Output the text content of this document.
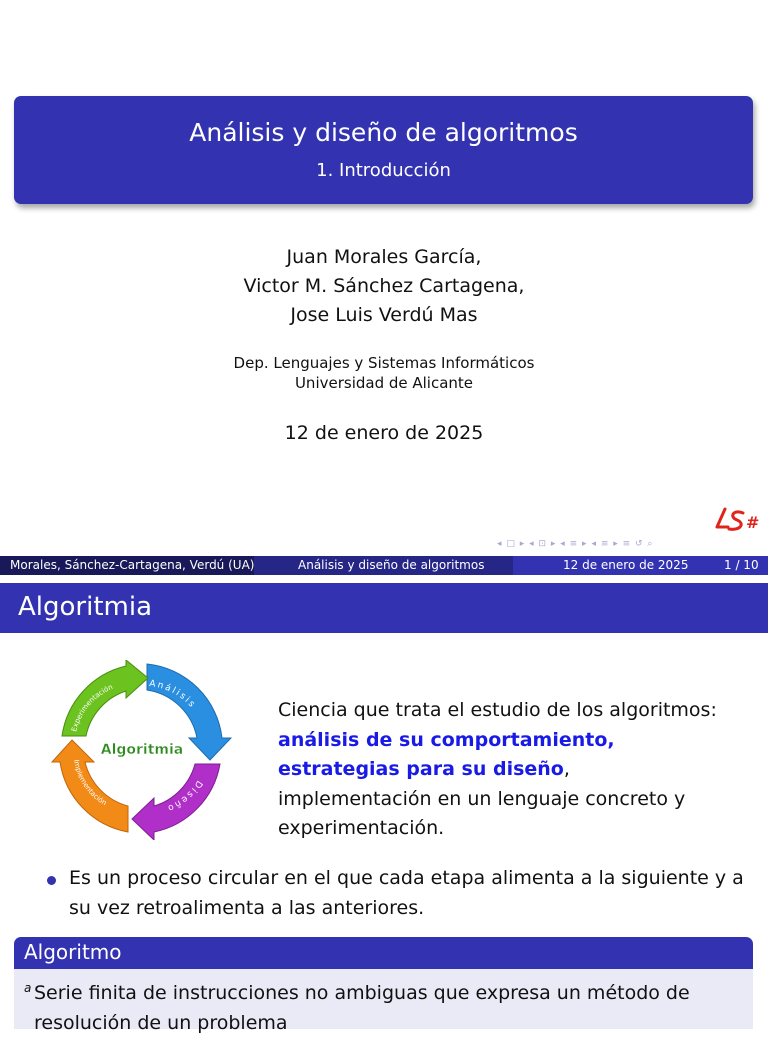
Análisis y diseño de algoritmos
1. Introducción
Juan Morales García,
Victor M. Sánchez Cartagena,
Jose Luis Verdú Mas
Dep. Lenguajes y Sistemas Informáticos
Universidad de Alicante
12 de enero de 2025
#
◂ □ ▸ ◂ ⊡ ▸ ◂ ≡ ▸ ◂ ≡ ▸ ≡ ↺ ⌕
Morales, Sánchez-Cartagena, Verdú (UA)	Análisis y diseño de algoritmos	12 de enero de 2025	1 / 10
Algoritmia
Análisis
Diseño
Implementación
Experimentación
Algoritmia
Ciencia que trata el estudio de los algoritmos: análisis de su comportamiento, estrategias para su diseño, implementación en un lenguaje concreto y experimentación.
Es un proceso circular en el que cada etapa alimenta a la siguiente y a su vez retroalimenta a las anteriores.
Algoritmo
Serie finita de instrucciones no ambiguas que expresa un método de resolución de un problema
$^a$
